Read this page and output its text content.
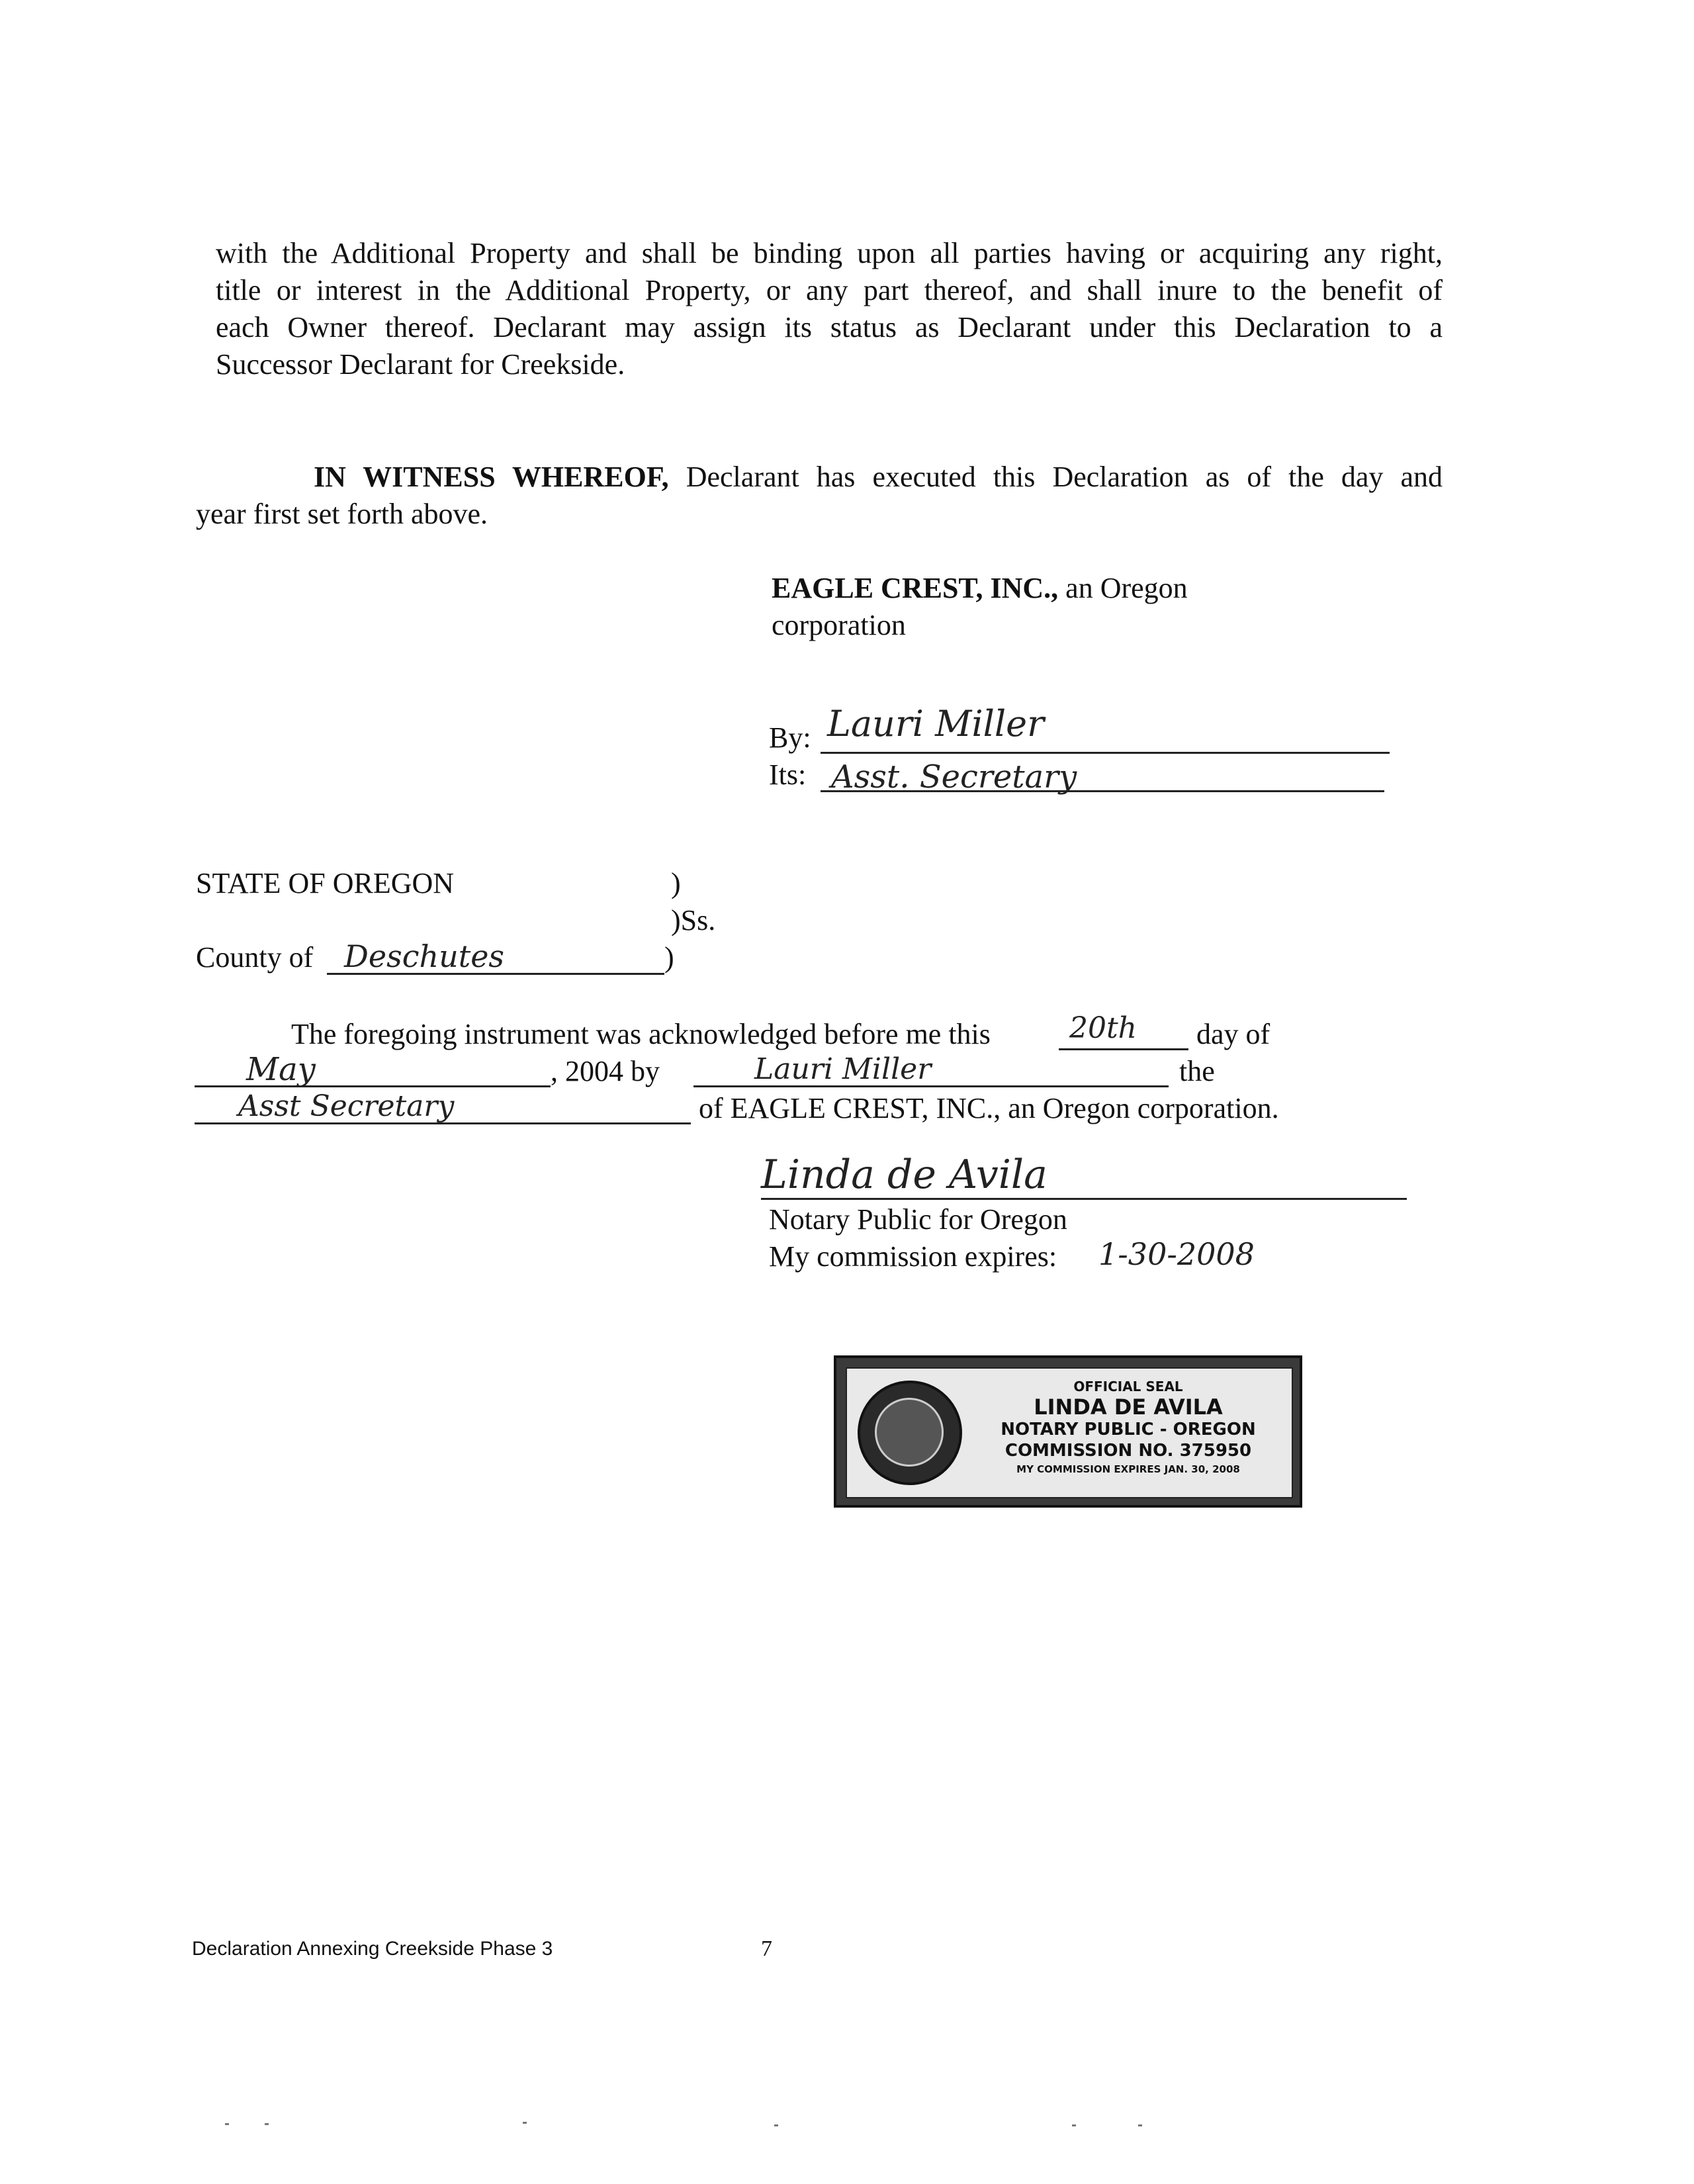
with the Additional Property and shall be binding upon all parties having or acquiring any right,
title or interest in the Additional Property, or any part thereof, and shall inure to the benefit of
each Owner thereof. Declarant may assign its status as Declarant under this Declaration to a
Successor Declarant for Creekside.
IN WITNESS WHEREOF, Declarant has executed this Declaration as of the day and
year first set forth above.
EAGLE CREST, INC., an Oregon
corporation
By: Lauri Miller
Its: Asst. Secretary
STATE OF OREGON	)
)Ss.
County of Deschutes	)
The foregoing instrument was acknowledged before me this	20th day of
May	, 2004 by	Lauri Miller	the
Asst Secretary	of EAGLE CREST, INC., an Oregon corporation.
Linda de Avila
Notary Public for Oregon
My commission expires: 1-30-2008
OFFICIAL SEAL
LINDA DE AVILA
NOTARY PUBLIC - OREGON
COMMISSION NO. 375950
MY COMMISSION EXPIRES JAN. 30, 2008
Declaration Annexing Creekside Phase 3	7
